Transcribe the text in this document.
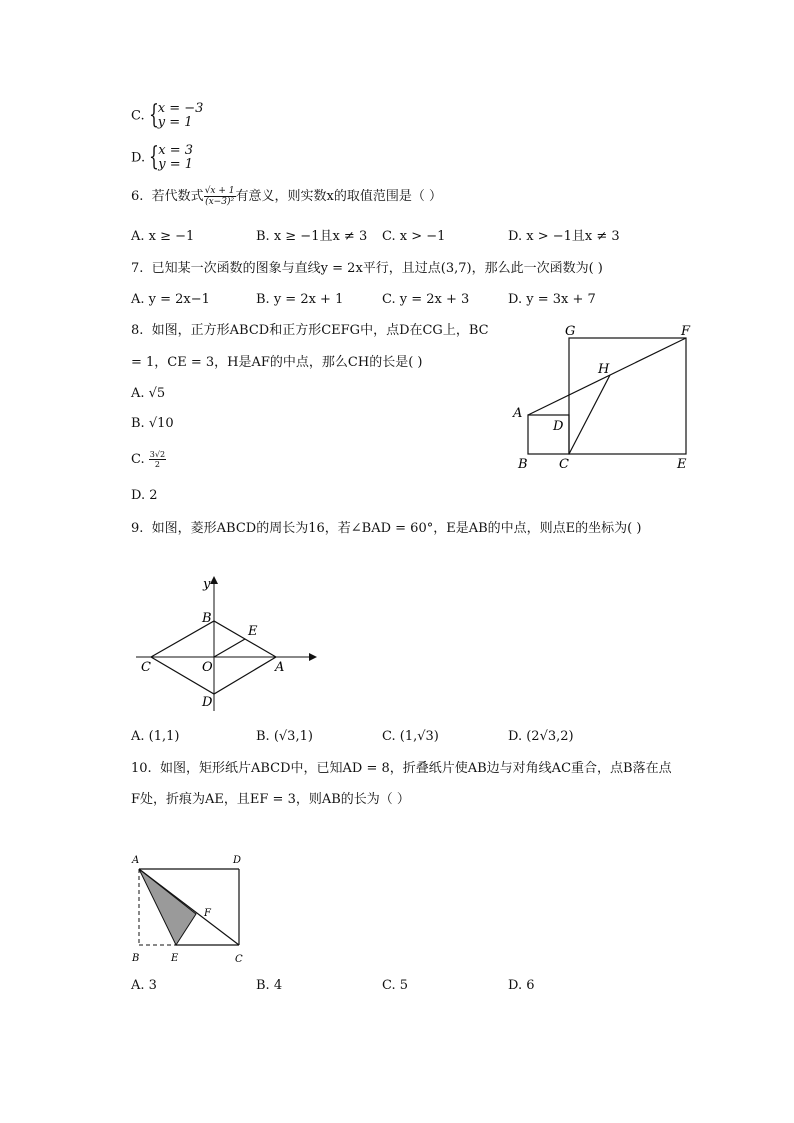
C. { x = −3
y = 1
D. { x = 3
y = 1
6. 若代数式 $\frac{√x + 1}{\text{(x−3)²}}$ 有意义，则实数x的取值范围是（ ）
A. x ≥ −1	B. x ≥ −1且x ≠ 3 C. x > −1	D. x > −1且x ≠ 3
7. 已知某一次函数的图象与直线y = 2x平行，且过点(3,7)，那么此一次函数为( )
A. y = 2x−1	B. y = 2x + 1	C. y = 2x + 3	D. y = 3x + 7
8. 如图，正方形ABCD和正方形CEFG中，点D在CG上，BC
= 1，CE = 3，H是AF的中点，那么CH的长是( )
A. √5
B. √10
C. $\frac{3√2}{2}$
D. 2
G	F
H
A
D
B C	E
9. 如图，菱形ABCD的周长为16，若∠BAD = 60°，E是AB的中点，则点E的坐标为( )
y
B
E
C	O	A
D
A. (1,1)	B. (√3,1)	C. (1,√3)	D. (2√3,2)
10. 如图，矩形纸片ABCD中，已知AD = 8，折叠纸片使AB边与对角线AC重合，点B落在点
F处，折痕为AE，且EF = 3，则AB的长为（ ）
A	D
F
B	E	C
A. 3	B. 4	C. 5	D. 6
